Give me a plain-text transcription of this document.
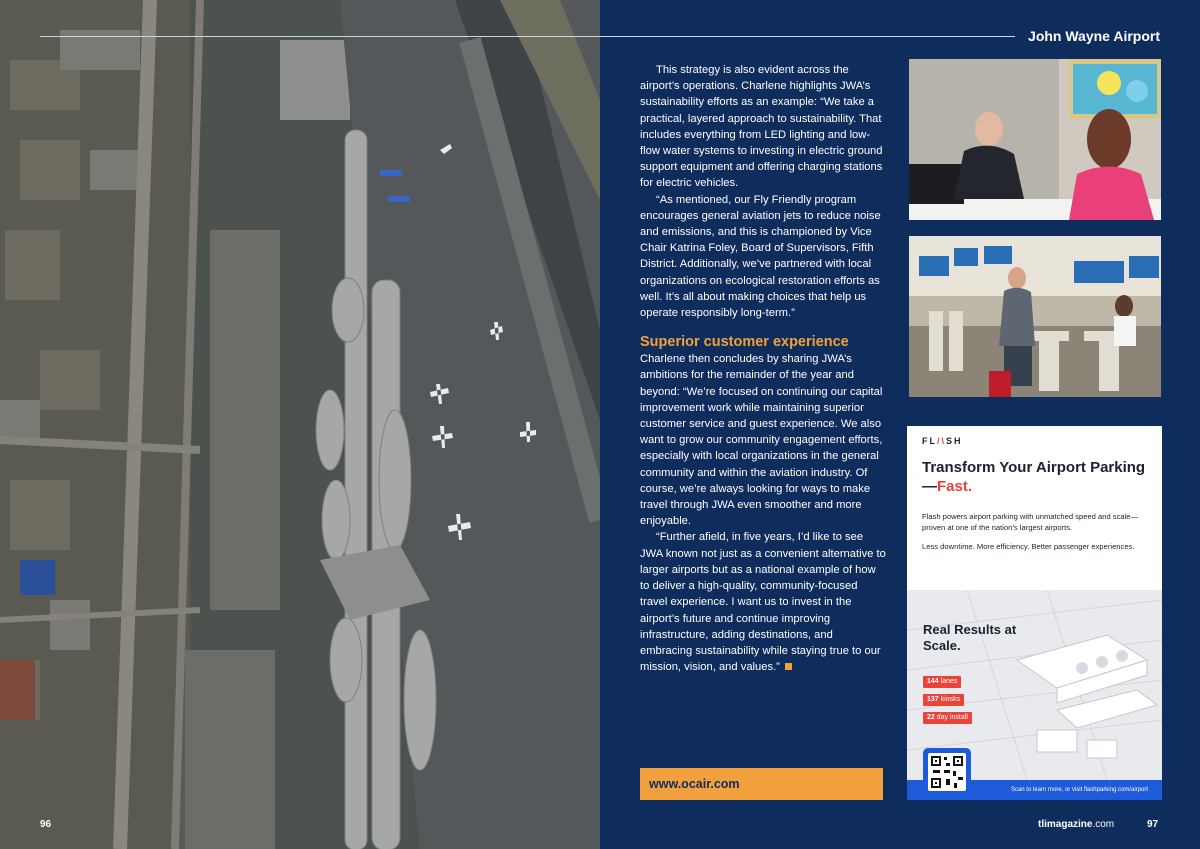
96
John Wayne Airport

This strategy is also evident across the airport’s operations. Charlene highlights JWA’s sustainability efforts as an example: “We take a practical, layered approach to sustainability. That includes everything from LED lighting and low-flow water systems to investing in electric ground support equipment and offering charging stations for electric vehicles.

“As mentioned, our Fly Friendly program encourages general aviation jets to reduce noise and emissions, and this is championed by Vice Chair Katrina Foley, Board of Supervisors, Fifth District. Additionally, we’ve partnered with local organizations on ecological restoration efforts as well. It’s all about making choices that help us operate responsibly long-term.”

Superior customer experience

Charlene then concludes by sharing JWA’s ambitions for the remainder of the year and beyond: “We’re focused on continuing our capital improvement work while maintaining superior customer service and guest experience. We also want to grow our community engagement efforts, especially with local organizations in the general community and within the aviation industry. Of course, we’re always looking for ways to make travel through JWA even smoother and more enjoyable.

“Further afield, in five years, I’d like to see JWA known not just as a convenient alternative to larger airports but as a national example of how to deliver a high-quality, community-focused travel experience. I want us to invest in the airport’s future and continue improving infrastructure, adding destinations, and embracing sustainability while staying true to our mission, vision, and values.”

www.ocair.com
FL/\SH
Transform Your Airport Parking—Fast.
Flash powers airport parking with unmatched speed and scale—proven at one of the nation’s largest airports.
Less downtime. More efficiency. Better passenger experiences.
Real Results at Scale.
144 lanes
137 kiosks
22 day install
Scan to learn more, or visit flashparking.com/airport
tlimagazine.com	97
